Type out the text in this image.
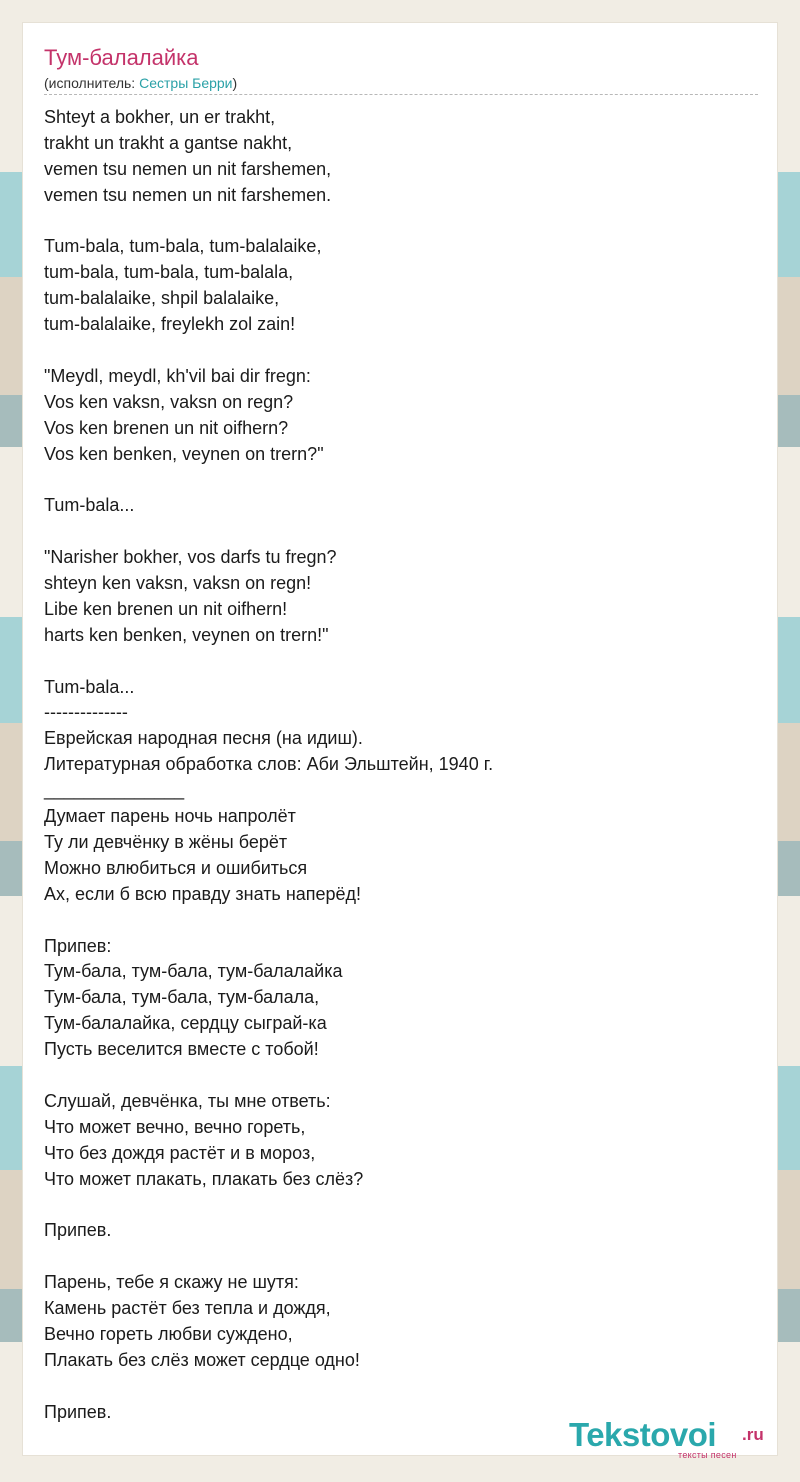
Тум-балалайка
(исполнитель: Сестры Берри)
Shteyt a bokher, un er trakht,
trakht un trakht a gantse nakht,
vemen tsu nemen un nit farshemen,
vemen tsu nemen un nit farshemen.
Tum-bala, tum-bala, tum-balalaike,
tum-bala, tum-bala, tum-balala,
tum-balalaike, shpil balalaike,
tum-balalaike, freylekh zol zain!
"Meydl, meydl, kh'vil bai dir fregn:
Vos ken vaksn, vaksn on regn?
Vos ken brenen un nit oifhern?
Vos ken benken, veynen on trern?"
Tum-bala...
"Narisher bokher, vos darfs tu fregn?
shteyn ken vaksn, vaksn on regn!
Libe ken brenen un nit oifhern!
harts ken benken, veynen on trern!"
Tum-bala...
--------------
Еврейская народная песня (на идиш).
Литературная обработка слов: Аби Эльштейн, 1940 г.
______________
Думает парень ночь напролёт
Ту ли девчёнку в жёны берёт
Можно влюбиться и ошибиться
Ах, если б всю правду знать наперёд!
Припев:
Тум-бала, тум-бала, тум-балалайка
Тум-бала, тум-бала, тум-балала,
Тум-балалайка, сердцу сыграй-ка
Пусть веселится вместе с тобой!
Слушай, девчёнка, ты мне ответь:
Что может вечно, вечно гореть,
Что без дождя растёт и в мороз,
Что может плакать, плакать без слёз?
Припев.
Парень, тебе я скажу не шутя:
Камень растёт без тепла и дождя,
Вечно гореть любви суждено,
Плакать без слёз может сердце одно!
Припев.
Tekstovoi .ru
тексты песен
